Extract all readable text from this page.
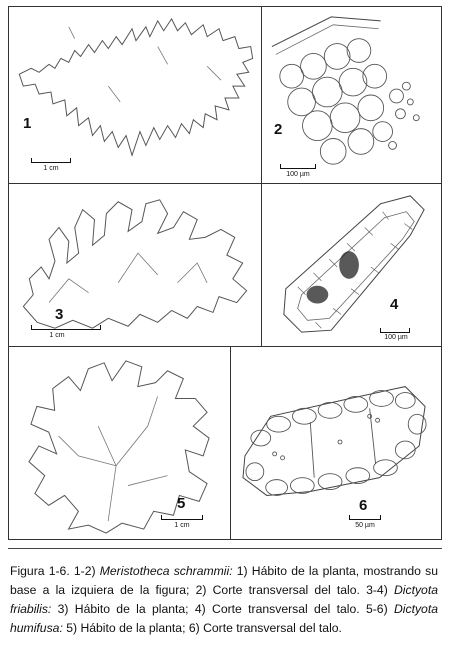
1
1 cm
2
100 µm
3
1 cm
4
100 µm
5
1 cm
6
50 µm
Figura 1-6. 1-2) Meristotheca schrammii: 1) Hábito de la planta, mostrando su base a la izquiera de la figura; 2) Corte transversal del talo. 3-4) Dictyota friabilis: 3) Hábito de la planta; 4) Corte transversal del talo. 5-6) Dictyota humifusa: 5) Hábito de la planta; 6) Corte transversal del talo.
